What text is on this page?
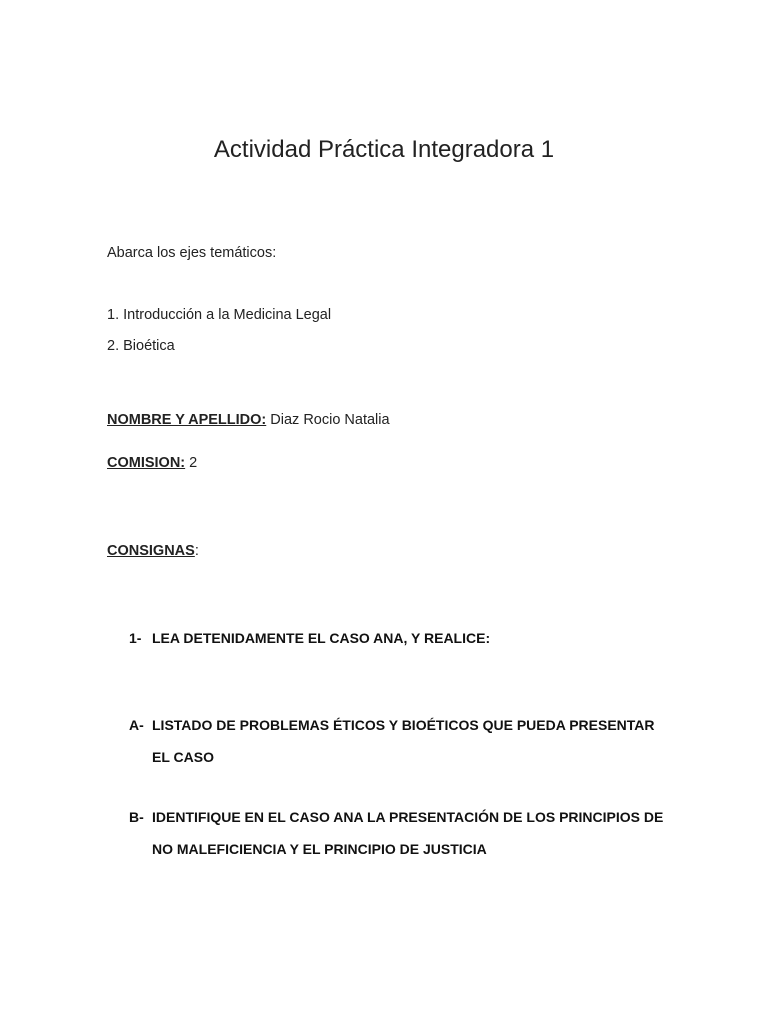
Actividad Práctica Integradora 1
Abarca los ejes temáticos:
1. Introducción a la Medicina Legal
2. Bioética
NOMBRE Y APELLIDO: Diaz Rocio Natalia
COMISION: 2
CONSIGNAS:
1- LEA DETENIDAMENTE EL CASO ANA, Y REALICE:
A- LISTADO DE PROBLEMAS ÉTICOS Y BIOÉTICOS QUE PUEDA PRESENTAR EL CASO
B- IDENTIFIQUE EN EL CASO ANA LA PRESENTACIÓN DE LOS PRINCIPIOS DE NO MALEFICIENCIA Y EL PRINCIPIO DE JUSTICIA
